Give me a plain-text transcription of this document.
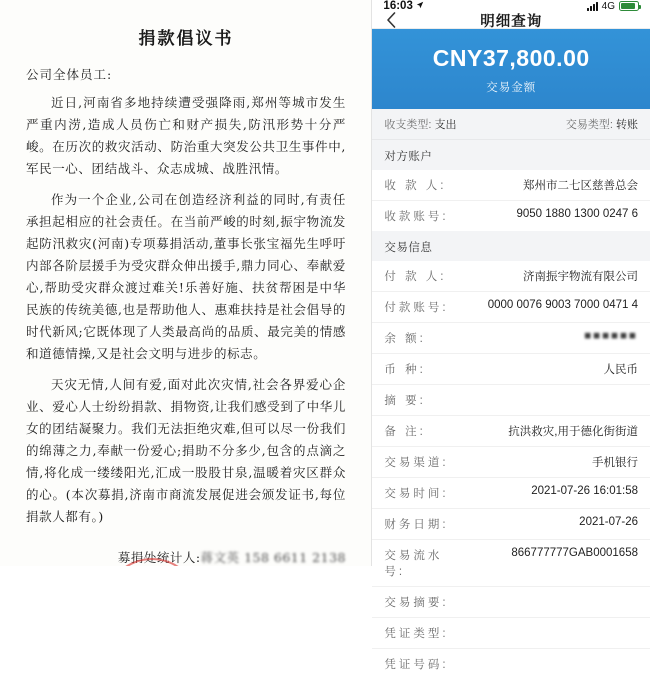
捐款倡议书
公司全体员工:
近日,河南省多地持续遭受强降雨,郑州等城市发生严重内涝,造成人员伤亡和财产损失,防汛形势十分严峻。在历次的救灾活动、防治重大突发公共卫生事件中,军民一心、团结战斗、众志成城、战胜汛情。
作为一个企业,公司在创造经济利益的同时,有责任承担起相应的社会责任。在当前严峻的时刻,振宇物流发起防汛救灾(河南)专项募捐活动,董事长张宝福先生呼吁内部各阶层援手为受灾群众伸出援手,鼎力同心、奉献爱心,帮助受灾群众渡过难关!乐善好施、扶贫帮困是中华民族的传统美德,也是帮助他人、惠难扶持是社会倡导的时代新风;它既体现了人类最高尚的品质、最完美的情感和道德情操,又是社会文明与进步的标志。
天灾无情,人间有爱,面对此次灾情,社会各界爱心企业、爱心人士纷纷捐款、捐物资,让我们感受到了中华儿女的团结凝聚力。我们无法拒绝灾难,但可以尽一份我们的绵薄之力,奉献一份爱心;捐助不分多少,包含的点滴之情,将化成一缕缕阳光,汇成一股股甘泉,温暖着灾区群众的心。(本次募捐,济南市商流发展促进会颁发证书,每位捐款人都有。)
募捐处统计人:蒋文英 158 6611 2138
16:03	4G
明细查询
CNY37,800.00
交易金额
收支类型: 支出	交易类型: 转账
对方账户
收 款 人:	郑州市二七区慈善总会
收款账号:	9050 1880 1300 0247 6
交易信息
付 款 人:	济南振宇物流有限公司
付款账号:	0000 0076 9003 7000 0471 4
余 额:	■■■■■■
币 种:	人民币
摘 要:
备 注:	抗洪救灾,用于德化街街道
交易渠道:	手机银行
交易时间:	2021-07-26 16:01:58
财务日期:	2021-07-26
交易流水号:
866777777GAB0001658
交易摘要:
凭证类型:
凭证号码:
